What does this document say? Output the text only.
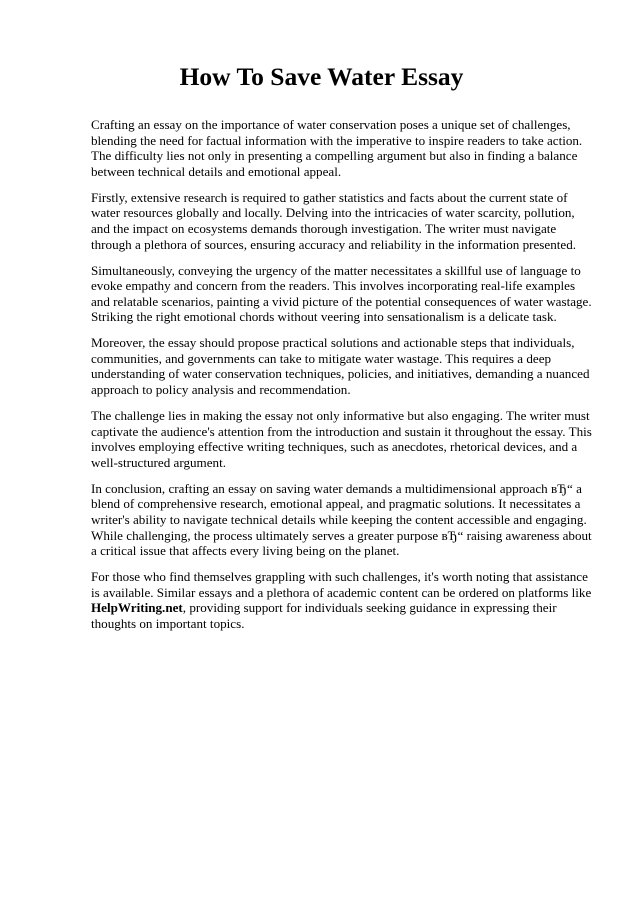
How To Save Water Essay

Crafting an essay on the importance of water conservation poses a unique set of challenges, blending the need for factual information with the imperative to inspire readers to take action. The difficulty lies not only in presenting a compelling argument but also in finding a balance between technical details and emotional appeal.

Firstly, extensive research is required to gather statistics and facts about the current state of water resources globally and locally. Delving into the intricacies of water scarcity, pollution, and the impact on ecosystems demands thorough investigation. The writer must navigate through a plethora of sources, ensuring accuracy and reliability in the information presented.

Simultaneously, conveying the urgency of the matter necessitates a skillful use of language to evoke empathy and concern from the readers. This involves incorporating real-life examples and relatable scenarios, painting a vivid picture of the potential consequences of water wastage. Striking the right emotional chords without veering into sensationalism is a delicate task.

Moreover, the essay should propose practical solutions and actionable steps that individuals, communities, and governments can take to mitigate water wastage. This requires a deep understanding of water conservation techniques, policies, and initiatives, demanding a nuanced approach to policy analysis and recommendation.

The challenge lies in making the essay not only informative but also engaging. The writer must captivate the audience's attention from the introduction and sustain it throughout the essay. This involves employing effective writing techniques, such as anecdotes, rhetorical devices, and a well-structured argument.

In conclusion, crafting an essay on saving water demands a multidimensional approach вЂ“ a blend of comprehensive research, emotional appeal, and pragmatic solutions. It necessitates a writer's ability to navigate technical details while keeping the content accessible and engaging. While challenging, the process ultimately serves a greater purpose вЂ“ raising awareness about a critical issue that affects every living being on the planet.

For those who find themselves grappling with such challenges, it's worth noting that assistance is available. Similar essays and a plethora of academic content can be ordered on platforms like HelpWriting.net, providing support for individuals seeking guidance in expressing their thoughts on important topics.
